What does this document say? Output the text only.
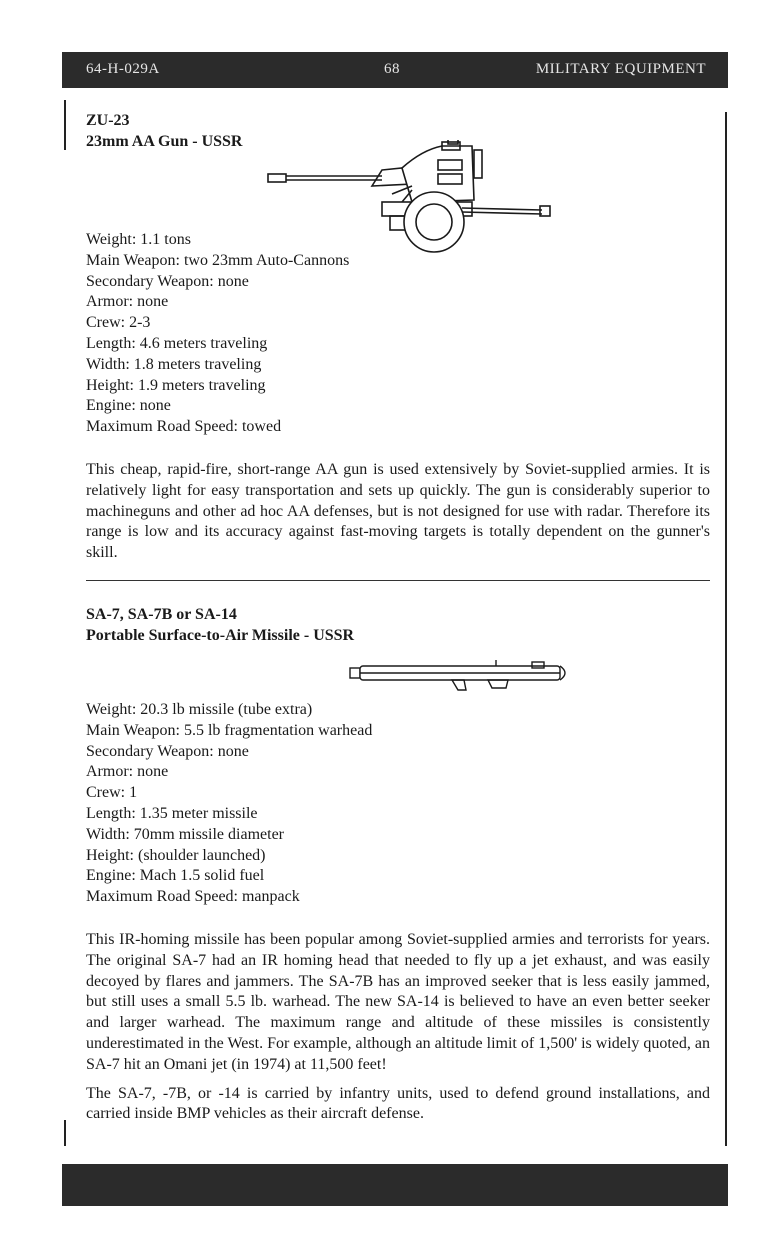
64-H-029A	68	MILITARY EQUIPMENT
ZU-23
23mm AA Gun - USSR
Weight: 1.1 tons
Main Weapon: two 23mm Auto-Cannons
Secondary Weapon: none
Armor: none
Crew: 2-3
Length: 4.6 meters traveling
Width: 1.8 meters traveling
Height: 1.9 meters traveling
Engine: none
Maximum Road Speed: towed

This cheap, rapid-fire, short-range AA gun is used extensively by Soviet-supplied armies. It is relatively light for easy transportation and sets up quickly. The gun is considerably superior to machineguns and other ad hoc AA defenses, but is not designed for use with radar. Therefore its range is low and its accuracy against fast-moving targets is totally dependent on the gunner's skill.

SA-7, SA-7B or SA-14
Portable Surface-to-Air Missile - USSR
Weight: 20.3 lb missile (tube extra)
Main Weapon: 5.5 lb fragmentation warhead
Secondary Weapon: none
Armor: none
Crew: 1
Length: 1.35 meter missile
Width: 70mm missile diameter
Height: (shoulder launched)
Engine: Mach 1.5 solid fuel
Maximum Road Speed: manpack

This IR-homing missile has been popular among Soviet-supplied armies and terrorists for years. The original SA-7 had an IR homing head that needed to fly up a jet exhaust, and was easily decoyed by flares and jammers. The SA-7B has an improved seeker that is less easily jammed, but still uses a small 5.5 lb. warhead. The new SA-14 is believed to have an even better seeker and larger warhead. The maximum range and altitude of these missiles is consistently underestimated in the West. For example, although an altitude limit of 1,500' is widely quoted, an SA-7 hit an Omani jet (in 1974) at 11,500 feet!

The SA-7, -7B, or -14 is carried by infantry units, used to defend ground installations, and carried inside BMP vehicles as their aircraft defense.
